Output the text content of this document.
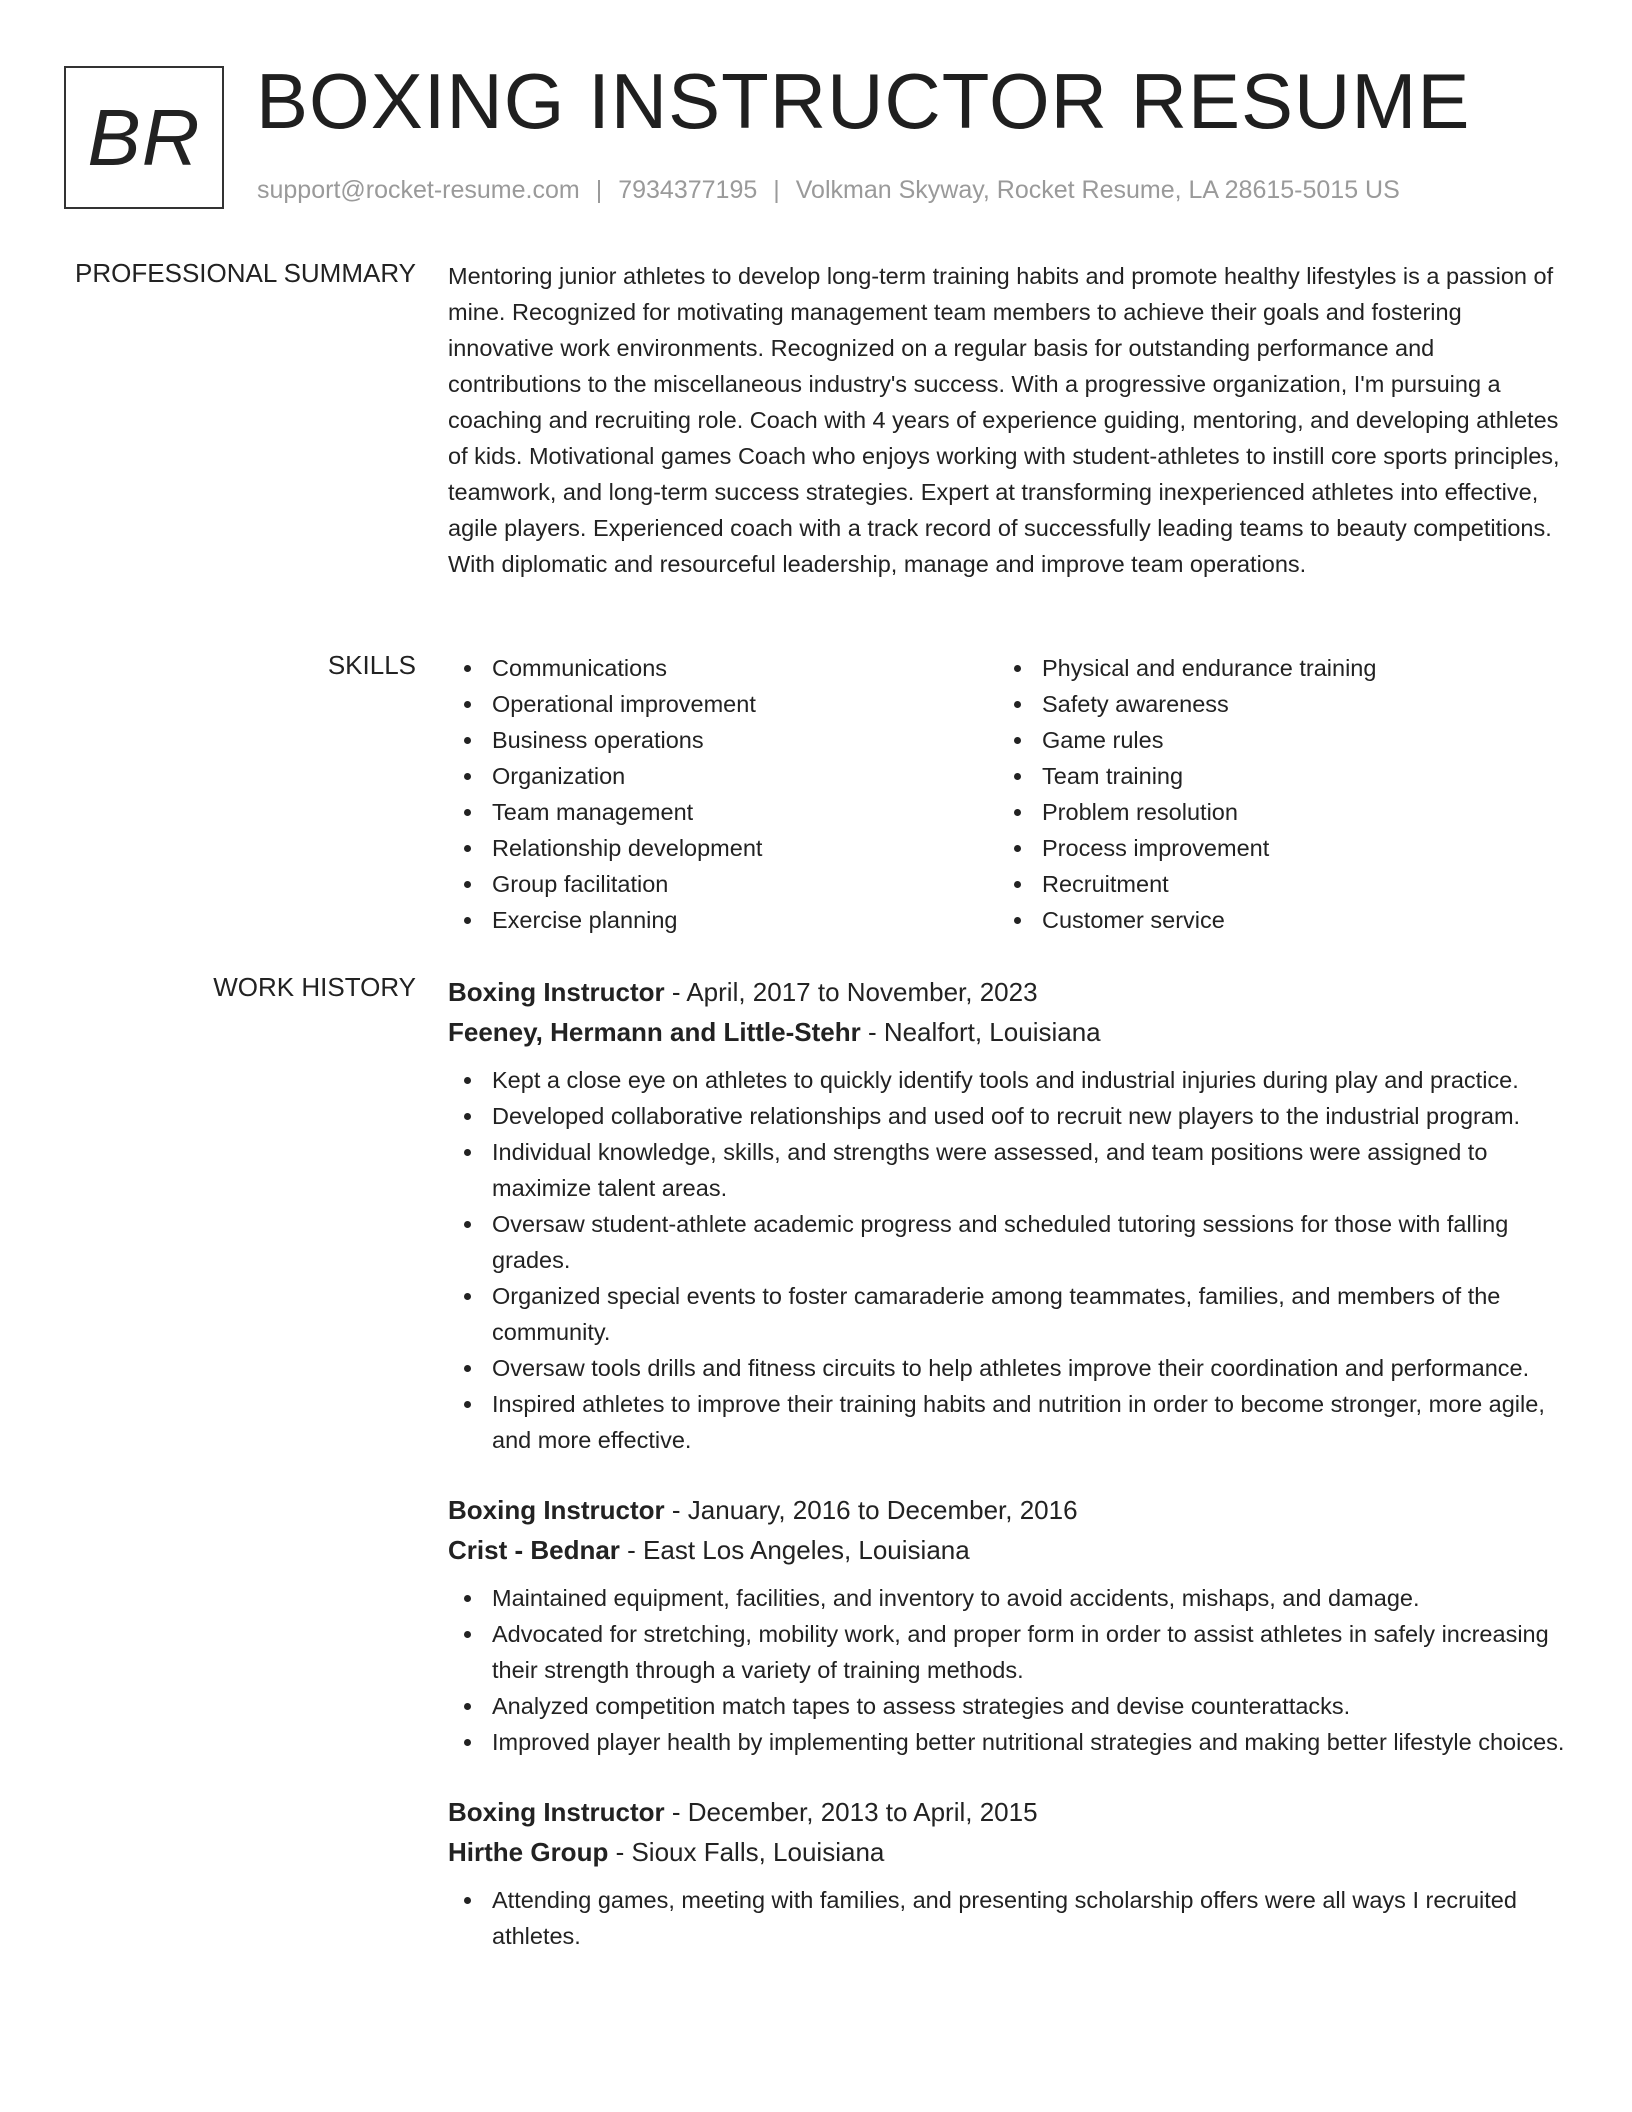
BR BOXING INSTRUCTOR RESUME
support@rocket-resume.com | 7934377195 | Volkman Skyway, Rocket Resume, LA 28615-5015 US
PROFESSIONAL SUMMARY Mentoring junior athletes to develop long-term training habits and promote healthy lifestyles is a passion of mine. Recognized for motivating management team members to achieve their goals and fostering innovative work environments. Recognized on a regular basis for outstanding performance and contributions to the miscellaneous industry's success. With a progressive organization, I'm pursuing a coaching and recruiting role. Coach with 4 years of experience guiding, mentoring, and developing athletes of kids. Motivational games Coach who enjoys working with student-athletes to instill core sports principles, teamwork, and long-term success strategies. Expert at transforming inexperienced athletes into effective, agile players. Experienced coach with a track record of successfully leading teams to beauty competitions. With diplomatic and resourceful leadership, manage and improve team operations.

SKILLS	Communications
Operational improvement
Business operations
Organization
Team management
Relationship development
Group facilitation
Exercise planning
Physical and endurance training
Safety awareness
Game rules
Team training
Problem resolution
Process improvement
Recruitment
Customer service
WORK HISTORY Boxing Instructor - April, 2017 to November, 2023
Feeney, Hermann and Little-Stehr - Nealfort, Louisiana
Kept a close eye on athletes to quickly identify tools and industrial injuries during play and practice.
Developed collaborative relationships and used oof to recruit new players to the industrial program.
Individual knowledge, skills, and strengths were assessed, and team positions were assigned to maximize talent areas.
Oversaw student-athlete academic progress and scheduled tutoring sessions for those with falling grades.
Organized special events to foster camaraderie among teammates, families, and members of the community.
Oversaw tools drills and fitness circuits to help athletes improve their coordination and performance.
Inspired athletes to improve their training habits and nutrition in order to become stronger, more agile, and more effective.
Boxing Instructor - January, 2016 to December, 2016
Crist - Bednar - East Los Angeles, Louisiana
Maintained equipment, facilities, and inventory to avoid accidents, mishaps, and damage.
Advocated for stretching, mobility work, and proper form in order to assist athletes in safely increasing their strength through a variety of training methods.
Analyzed competition match tapes to assess strategies and devise counterattacks.
Improved player health by implementing better nutritional strategies and making better lifestyle choices.
Boxing Instructor - December, 2013 to April, 2015
Hirthe Group - Sioux Falls, Louisiana
Attending games, meeting with families, and presenting scholarship offers were all ways I recruited athletes.
